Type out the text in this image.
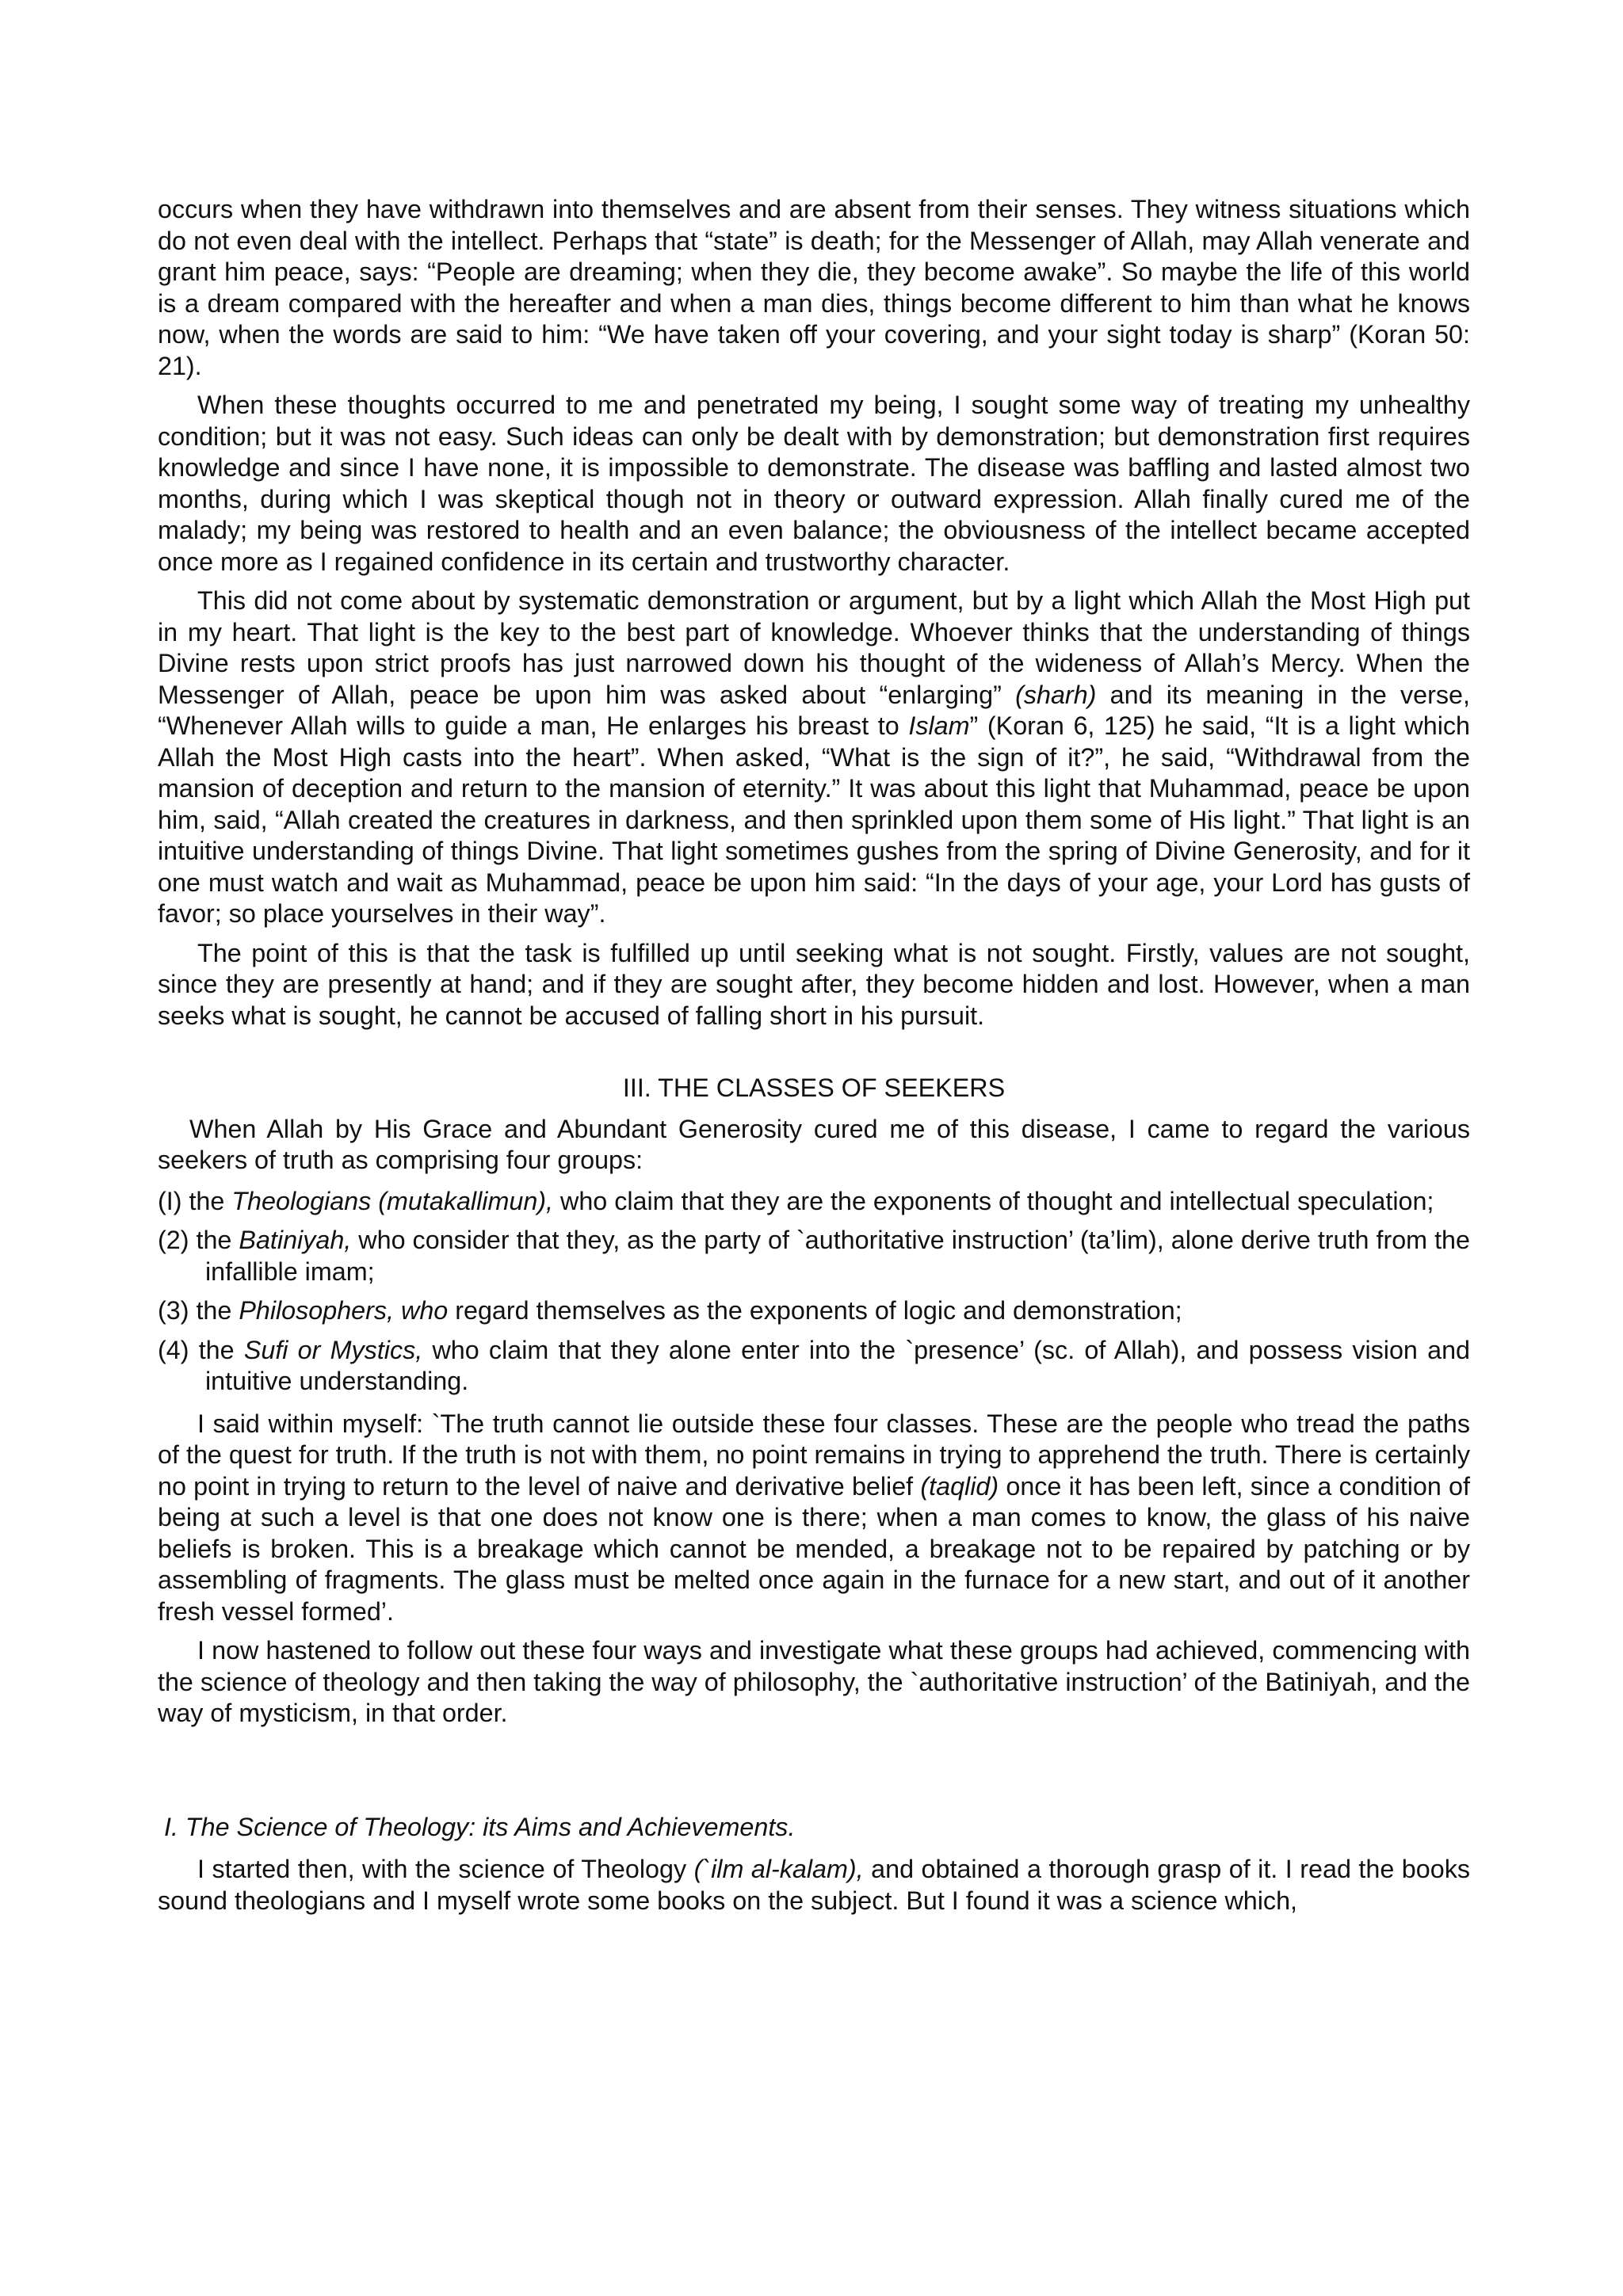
occurs when they have withdrawn into themselves and are absent from their senses. They witness situations which do not even deal with the intellect. Perhaps that “state” is death; for the Messenger of Allah, may Allah venerate and grant him peace, says: “People are dreaming; when they die, they become awake”. So maybe the life of this world is a dream compared with the hereafter and when a man dies, things become different to him than what he knows now, when the words are said to him: “We have taken off your covering, and your sight today is sharp” (Koran 50: 21).

When these thoughts occurred to me and penetrated my being, I sought some way of treating my unhealthy condition; but it was not easy. Such ideas can only be dealt with by demonstration; but demonstration first requires knowledge and since I have none, it is impossible to demonstrate. The disease was baffling and lasted almost two months, during which I was skeptical though not in theory or outward expression. Allah finally cured me of the malady; my being was restored to health and an even balance; the obviousness of the intellect became accepted once more as I regained confidence in its certain and trustworthy character.

This did not come about by systematic demonstration or argument, but by a light which Allah the Most High put in my heart. That light is the key to the best part of knowledge. Whoever thinks that the understanding of things Divine rests upon strict proofs has just narrowed down his thought of the wideness of Allah’s Mercy. When the Messenger of Allah, peace be upon him was asked about “enlarging” (sharh) and its meaning in the verse, “Whenever Allah wills to guide a man, He enlarges his breast to Islam” (Koran 6, 125) he said, “It is a light which Allah the Most High casts into the heart”. When asked, “What is the sign of it?”, he said, “Withdrawal from the mansion of deception and return to the mansion of eternity.” It was about this light that Muhammad, peace be upon him, said, “Allah created the creatures in darkness, and then sprinkled upon them some of His light.” That light is an intuitive understanding of things Divine. That light sometimes gushes from the spring of Divine Generosity, and for it one must watch and wait as Muhammad, peace be upon him said: “In the days of your age, your Lord has gusts of favor; so place yourselves in their way”.

The point of this is that the task is fulfilled up until seeking what is not sought. Firstly, values are not sought, since they are presently at hand; and if they are sought after, they become hidden and lost. However, when a man seeks what is sought, he cannot be accused of falling short in his pursuit.

III. THE CLASSES OF SEEKERS

When Allah by His Grace and Abundant Generosity cured me of this disease, I came to regard the various seekers of truth as comprising four groups:

(I) the Theologians (mutakallimun), who claim that they are the exponents of thought and intellectual speculation;

(2) the Batiniyah, who consider that they, as the party of `authoritative instruction’ (ta’lim), alone derive truth from the infallible imam;

(3) the Philosophers, who regard themselves as the exponents of logic and demonstration;

(4) the Sufi or Mystics, who claim that they alone enter into the `presence’ (sc. of Allah), and possess vision and intuitive understanding.

I said within myself: `The truth cannot lie outside these four classes. These are the people who tread the paths of the quest for truth. If the truth is not with them, no point remains in trying to apprehend the truth. There is certainly no point in trying to return to the level of naive and derivative belief (taqlid) once it has been left, since a condition of being at such a level is that one does not know one is there; when a man comes to know, the glass of his naive beliefs is broken. This is a breakage which cannot be mended, a breakage not to be repaired by patching or by assembling of fragments. The glass must be melted once again in the furnace for a new start, and out of it another fresh vessel formed’.

I now hastened to follow out these four ways and investigate what these groups had achieved, commencing with the science of theology and then taking the way of philosophy, the `authoritative instruction’ of the Batiniyah, and the way of mysticism, in that order.

I. The Science of Theology: its Aims and Achievements.

I started then, with the science of Theology (`ilm al-kalam), and obtained a thorough grasp of it. I read the books sound theologians and I myself wrote some books on the subject. But I found it was a science which,
